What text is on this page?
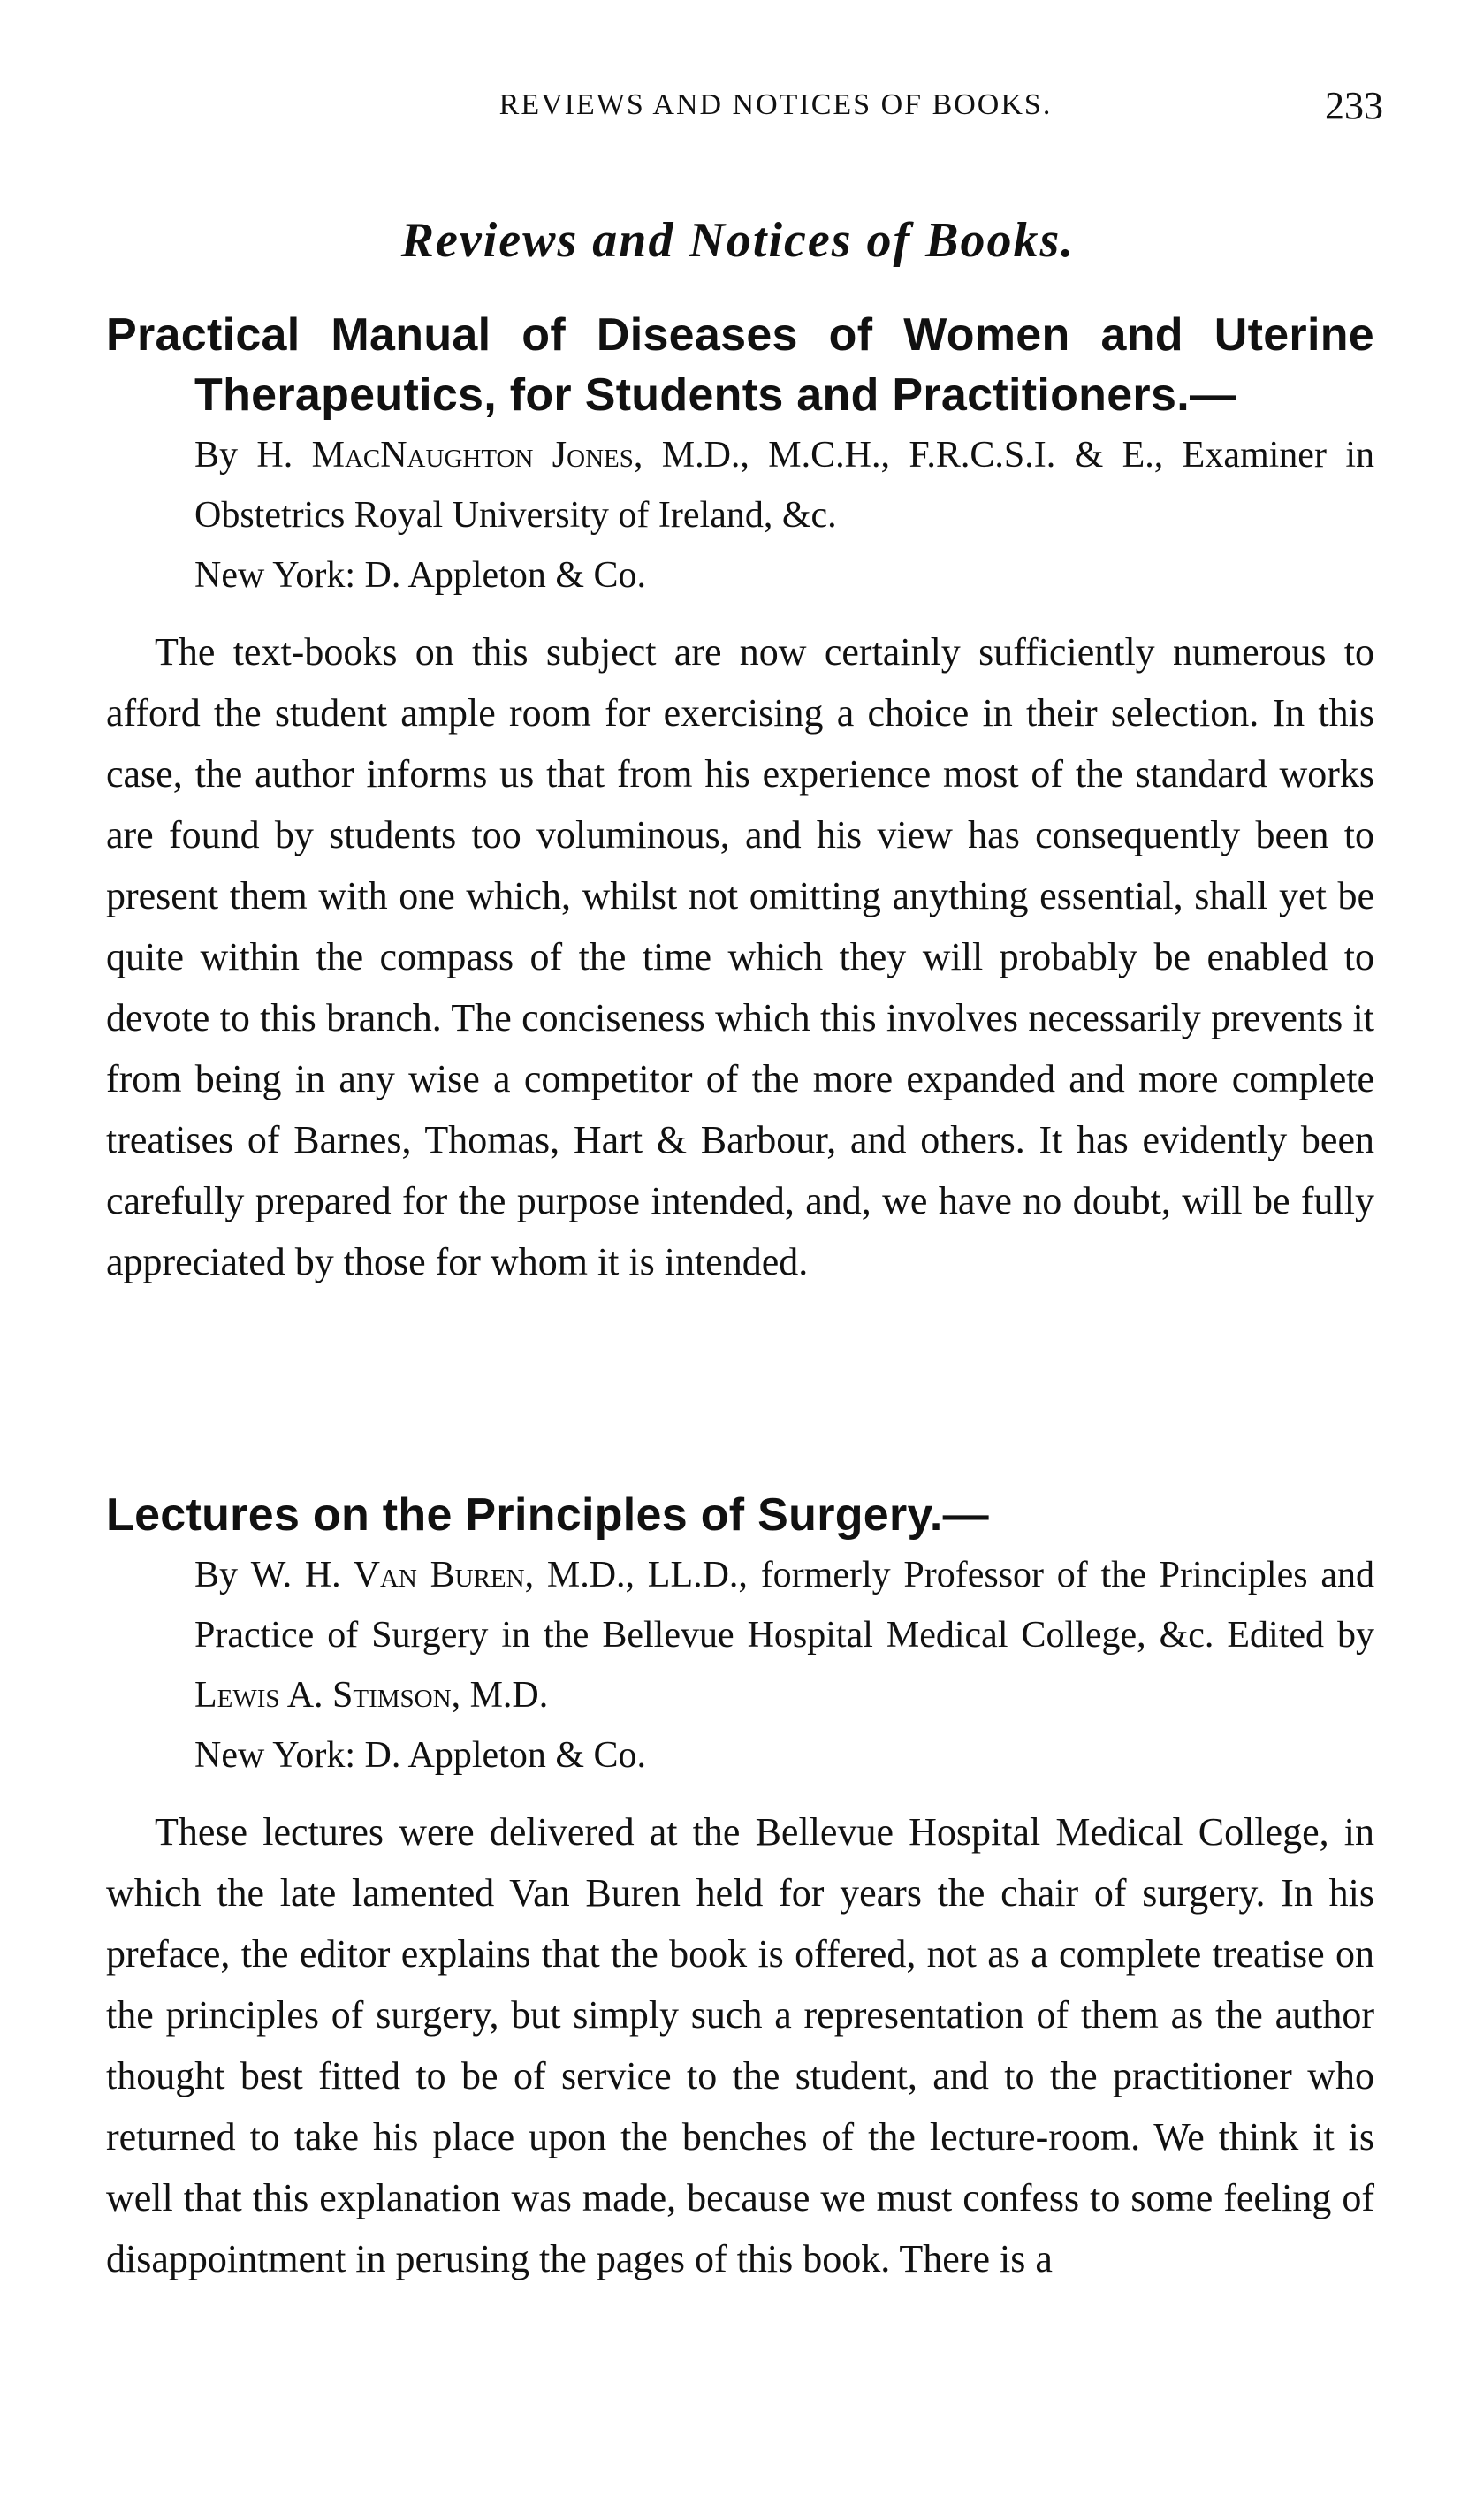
REVIEWS AND NOTICES OF BOOKS.	233
Reviews and Notices of Books.
Practical Manual of Diseases of Women and Uterine Therapeutics, for Students and Practitioners.—
By H. MacNaughton Jones, M.D., M.C.H., F.R.C.S.I. & E., Examiner in Obstetrics Royal University of Ireland, &c.
New York: D. Appleton & Co.
The text-books on this subject are now certainly sufficiently numerous to afford the student ample room for exercising a choice in their selection. In this case, the author informs us that from his experience most of the standard works are found by students too voluminous, and his view has consequently been to present them with one which, whilst not omitting anything essential, shall yet be quite within the compass of the time which they will probably be enabled to devote to this branch. The conciseness which this involves necessarily prevents it from being in any wise a competitor of the more expanded and more complete treatises of Barnes, Thomas, Hart & Barbour, and others. It has evidently been carefully prepared for the purpose intended, and, we have no doubt, will be fully appreciated by those for whom it is intended.
Lectures on the Principles of Surgery.—
By W. H. Van Buren, M.D., LL.D., formerly Professor of the Principles and Practice of Surgery in the Bellevue Hospital Medical College, &c. Edited by Lewis A. Stimson, M.D.
New York: D. Appleton & Co.
These lectures were delivered at the Bellevue Hospital Medical College, in which the late lamented Van Buren held for years the chair of surgery. In his preface, the editor explains that the book is offered, not as a complete treatise on the principles of surgery, but simply such a representation of them as the author thought best fitted to be of service to the student, and to the practitioner who returned to take his place upon the benches of the lecture-room. We think it is well that this explanation was made, because we must confess to some feeling of disappointment in perusing the pages of this book. There is a
